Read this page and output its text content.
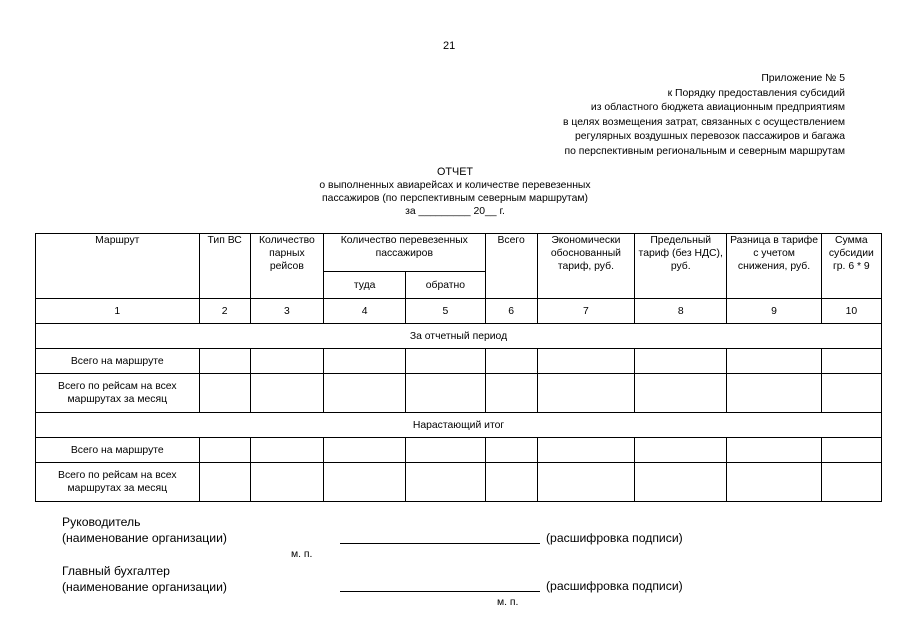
21
Приложение № 5
к Порядку предоставления субсидий
из областного бюджета авиационным предприятиям
в целях возмещения затрат, связанных с осуществлением
регулярных воздушных перевозок пассажиров и багажа
по перспективным региональным и северным маршрутам
ОТЧЕТ
о выполненных авиарейсах и количестве перевезенных
пассажиров (по перспективным северным маршрутам)
за _________ 20__ г.
Маршрут	Тип ВС	Количество парных рейсов	Количество перевезенных пассажиров		Всего	Экономически обоснованный тариф, руб.	Предельный тариф (без НДС), руб.	Разница в тарифе с учетом снижения, руб.	Сумма субсидии гр. 6 * 9
			туда	обратно					
1	2	3	4	5	6	7	8	9	10
За отчетный период									
Всего на маршруте									
Всего по рейсам на всех маршрутах за месяц									
Нарастающий итог									
Всего на маршруте									
Всего по рейсам на всех маршрутах за месяц									
Руководитель
(наименование организации)	(расшифровка подписи)
м. п.
Главный бухгалтер
(наименование организации)	(расшифровка подписи)
м. п.
